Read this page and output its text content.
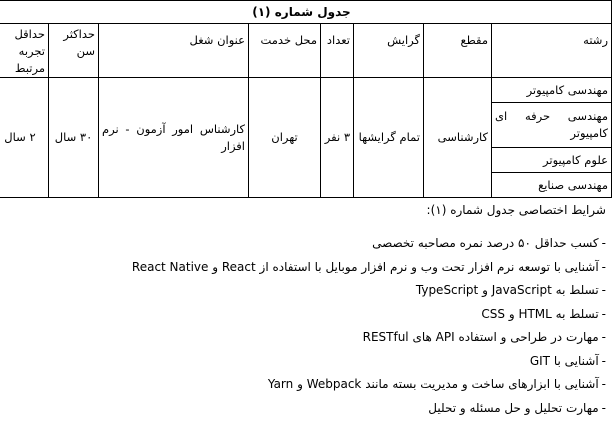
جدول شماره (۱)							
رشته	مقطع	گرایش	تعداد	محل خدمت	عنوان شغل	حداکثر سن	حداقل تجربه مرتبط
مهندسی کامپیوتر	کارشناسی	تمام گرایشها	۳ نفر	تهران	کارشناس امور آزمون - نرم افزار	۳۰ سال	۲ سال
مهندسی حرفه ای کامپیوتر							
علوم کامپیوتر							
مهندسی صنایع							

شرایط اختصاصی جدول شماره (۱):

-کسب حداقل ۵۰ درصد نمره مصاحبه تخصصی
-آشنایی با توسعه نرم افزار تحت وب و نرم افزار موبایل با استفاده از React و React Native
-تسلط به JavaScript و TypeScript
-تسلط به HTML و CSS
-مهارت در طراحی و استفاده API های RESTful
-آشنایی با GIT
-آشنایی با ابزارهای ساخت و مدیریت بسته مانند Webpack و Yarn
-مهارت تحلیل و حل مسئله و تحلیل
